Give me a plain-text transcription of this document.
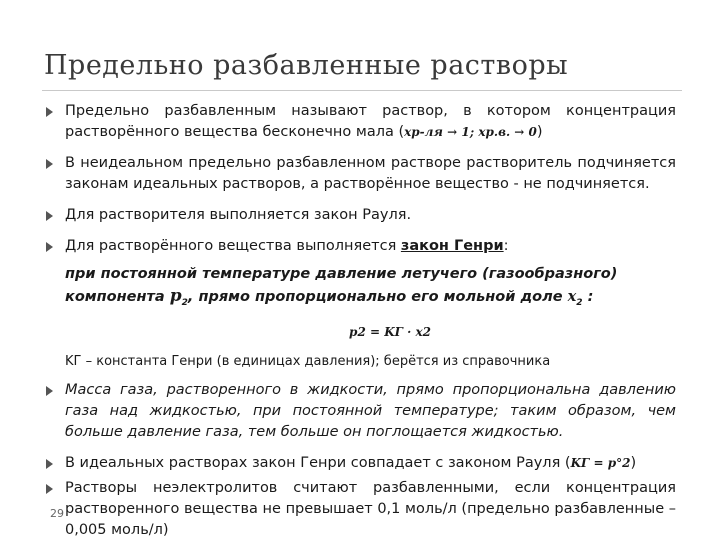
Предельно разбавленные растворы
Предельно разбавленным называют раствор, в котором концентрация растворённого вещества бесконечно мала (xр-ля → 1; xр.в. → 0)
В неидеальном предельно разбавленном растворе растворитель подчиняется законам идеальных растворов, а растворённое вещество - не подчиняется.
Для растворителя выполняется закон Рауля.
Для растворённого вещества выполняется закон Генри:
при постоянной температуре давление летучего (газообразного) компонента $p_2$, прямо пропорционально его мольной доле $x_2$ :
p2 = KГ · x2
KГ – константа Генри (в единицах давления); берётся из справочника
Масса газа, растворенного в жидкости, прямо пропорциональна давлению газа над жидкостью, при постоянной температуре; таким образом, чем больше давление газа, тем больше он поглощается жидкостью.
В идеальных растворах закон Генри совпадает с законом Рауля (KГ = p°2)
Растворы неэлектролитов считают разбавленными, если концентрация растворенного вещества не превышает 0,1 моль/л (предельно разбавленные – 0,005 моль/л)
29
